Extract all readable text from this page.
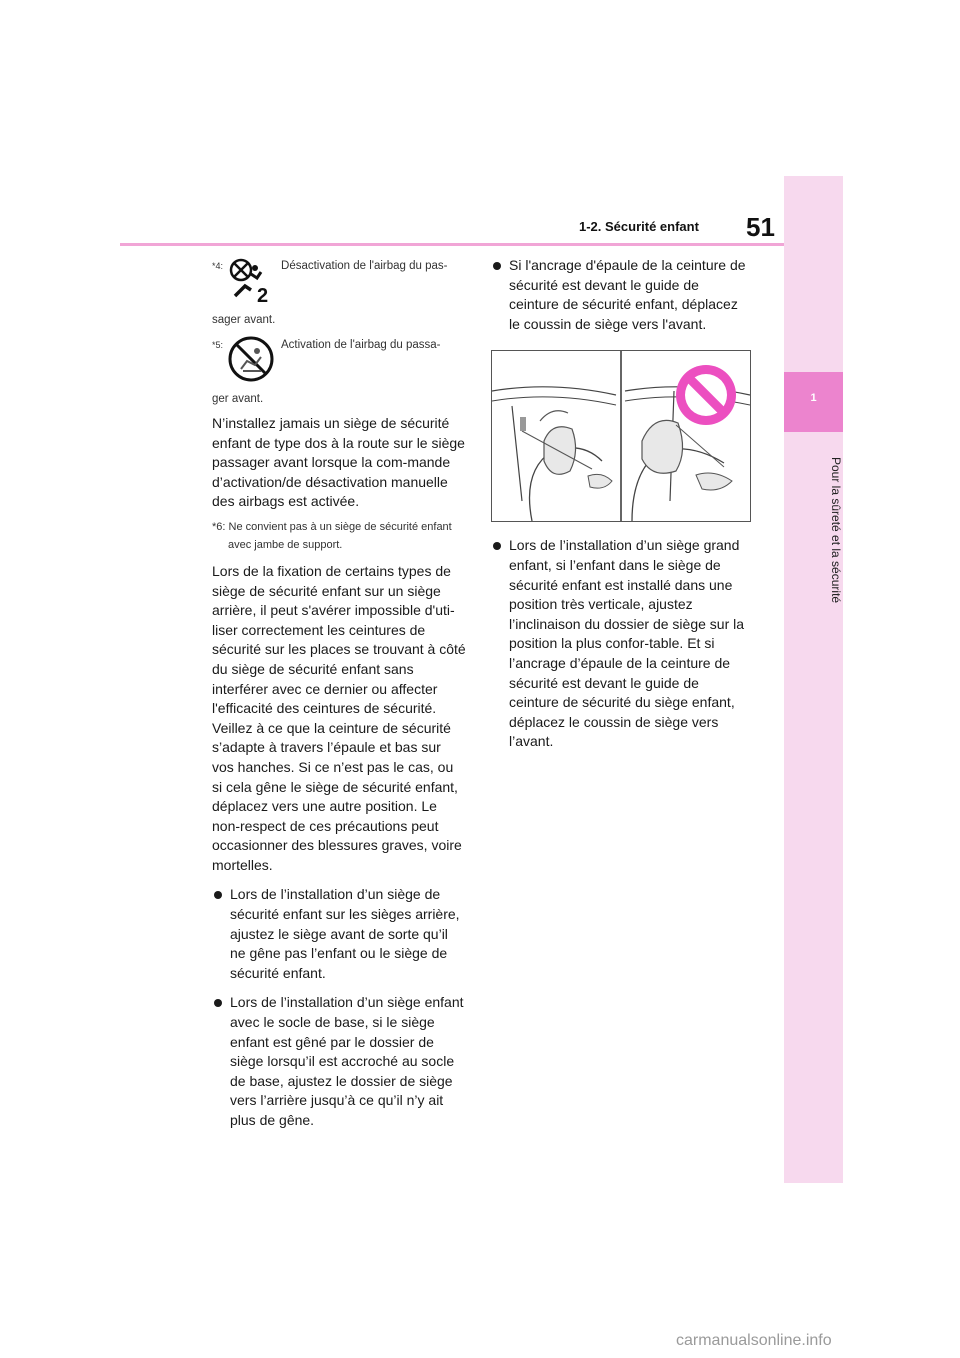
1-2. Sécurité enfant 51
1
Pour la sûreté et la sécurité
*4:
2
Désactivation de l'airbag du pas-
sager avant.
*5:	Activation de l'airbag du passa-
ger avant.

N’installez jamais un siège de sécurité enfant de type dos à la route sur le siège passager avant lorsque la com-mande d’activation/de désactivation manuelle des airbags est activée.

*6: Ne convient pas à un siège de sécurité enfant avec jambe de support.

Lors de la fixation de certains types de siège de sécurité enfant sur un siège arrière, il peut s'avérer impossible d'uti-liser correctement les ceintures de sécurité sur les places se trouvant à côté du siège de sécurité enfant sans interférer avec ce dernier ou affecter l'efficacité des ceintures de sécurité. Veillez à ce que la ceinture de sécurité s’adapte à travers l’épaule et bas sur vos hanches. Si ce n’est pas le cas, ou si cela gêne le siège de sécurité enfant, déplacez vers une autre position. Le non-respect de ces précautions peut occasionner des blessures graves, voire mortelles.

Lors de l’installation d’un siège de sécurité enfant sur les sièges arrière, ajustez le siège avant de sorte qu’il ne gêne pas l’enfant ou le siège de sécurité enfant.
Lors de l’installation d’un siège enfant avec le socle de base, si le siège enfant est gêné par le dossier de siège lorsqu’il est accroché au socle de base, ajustez le dossier de siège vers l’arrière jusqu’à ce qu’il n’y ait plus de gêne.
Si l'ancrage d'épaule de la ceinture de sécurité est devant le guide de ceinture de sécurité enfant, déplacez le coussin de siège vers l'avant.
Lors de l’installation d’un siège grand enfant, si l’enfant dans le siège de sécurité enfant est installé dans une position très verticale, ajustez l’inclinaison du dossier de siège sur la position la plus confor-table. Et si l’ancrage d’épaule de la ceinture de sécurité est devant le guide de ceinture de sécurité du siège enfant, déplacez le coussin de siège vers l’avant.
carmanualsonline.info
